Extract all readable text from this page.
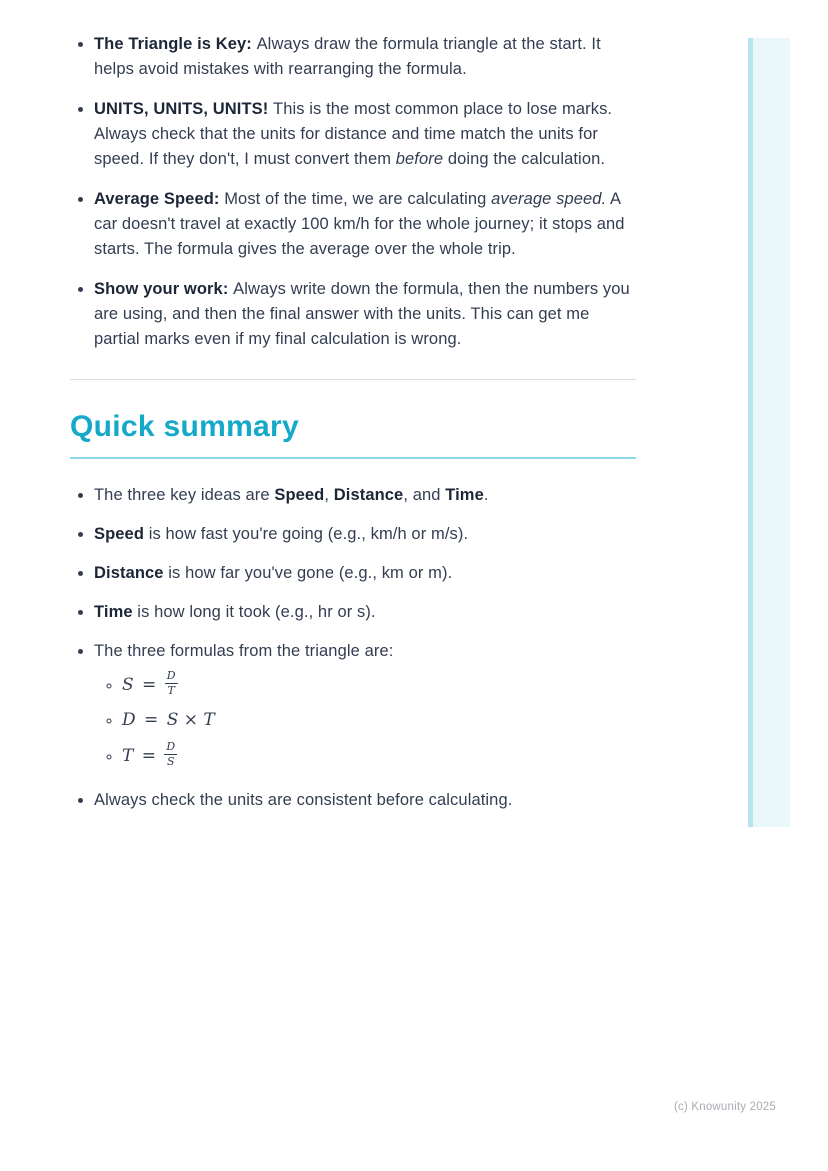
• The Triangle is Key: Always draw the formula triangle at the start. It helps avoid mistakes with rearranging the formula.
• UNITS, UNITS, UNITS! This is the most common place to lose marks. Always check that the units for distance and time match the units for speed. If they don't, I must convert them before doing the calculation.
• Average Speed: Most of the time, we are calculating average speed. A car doesn't travel at exactly 100 km/h for the whole journey; it stops and starts. The formula gives the average over the whole trip.
• Show your work: Always write down the formula, then the numbers you are using, and then the final answer with the units. This can get me partial marks even if my final calculation is wrong.
Quick summary
• The three key ideas are Speed, Distance, and Time.
• Speed is how fast you're going (e.g., km/h or m/s).
• Distance is how far you've gone (e.g., km or m).
• Time is how long it took (e.g., hr or s).
• The three formulas from the triangle are:
◦ $S = \frac{D}{T}$
◦ D = S × T
◦ $T = \frac{D}{S}$
• Always check the units are consistent before calculating.
(c) Knowunity 2025
